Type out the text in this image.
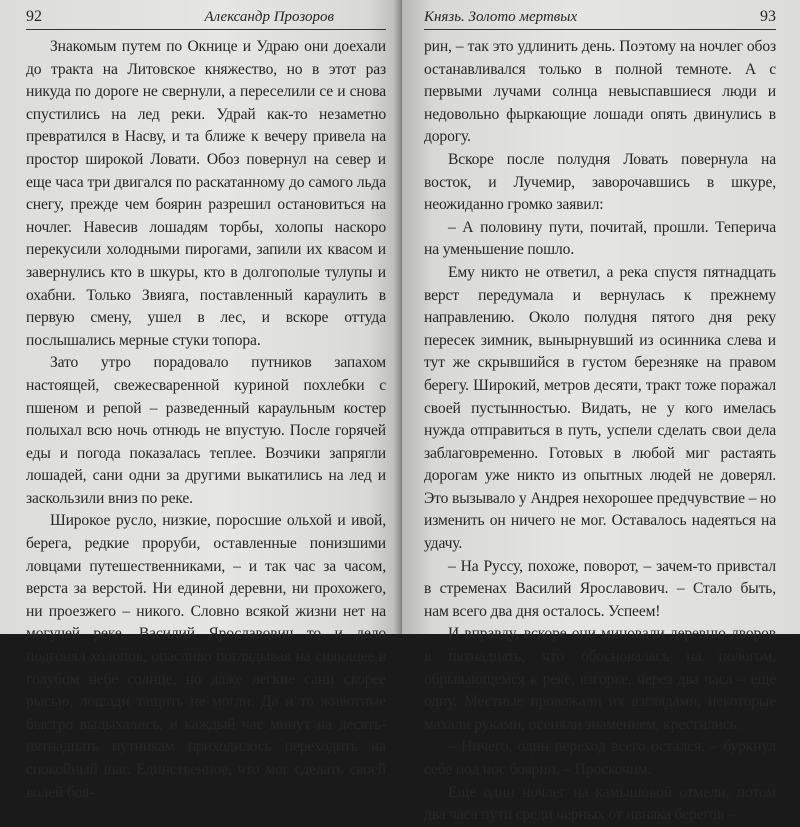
92	Александр Прозоров

Знакомым путем по Окнице и Удраю они доехали до тракта на Литовское княжество, но в этот раз никуда по дороге не свернули, а переселили се и снова спустились на лед реки. Удрай как-то незаметно превратился в Насву, и та ближе к вечеру привела на простор широкой Ловати. Обоз повернул на север и еще часа три двигался по раскатанному до самого льда снегу, прежде чем боярин разрешил остановиться на ночлег. Навесив лошадям торбы, холопы наскоро перекусили холодными пирогами, запили их квасом и завернулись кто в шкуры, кто в долгополые тулупы и охабни. Только Звияга, поставленный караулить в первую смену, ушел в лес, и вскоре оттуда послышались мерные стуки топора.

Зато утро порадовало путников запахом настоящей, свежесваренной куриной похлебки с пшеном и репой – разведенный караульным костер полыхал всю ночь отнюдь не впустую. После горячей еды и погода показалась теплее. Возчики запрягли лошадей, сани одни за другими выкатились на лед и заскользили вниз по реке.

Широкое русло, низкие, поросшие ольхой и ивой, берега, редкие проруби, оставленные понизшими ловцами путешественниками, – и так час за часом, верста за верстой. Ни единой деревни, ни прохожего, ни проезжего – никого. Словно всякой жизни нет на могучей реке. Василий Ярославович то и дело подгонял холопов, опасливо поглядывая на сияющее в голубом небе солнце, но даже легкие сани скорее рысью, лошади тащить не могли. Да и то животные быстро выдыхались, и каждый час минут на десять-пятнадцать путникам приходилось переходить на спокойный шаг. Единственное, что мог сделать своей волей боя-

Князь. Золото мертвых	93

рин, – так это удлинить день. Поэтому на ночлег обоз останавливался только в полной темноте. А с первыми лучами солнца невыспавшиеся люди и недовольно фыркающие лошади опять двинулись в дорогу.

Вскоре после полудня Ловать повернула на восток, и Лучемир, заворочавшись в шкуре, неожиданно громко заявил:

– А половину пути, почитай, прошли. Теперича на уменьшение пошло.

Ему никто не ответил, а река спустя пятнадцать верст передумала и вернулась к прежнему направлению. Около полудня пятого дня реку пересек зимник, вынырнувший из осинника слева и тут же скрывшийся в густом березняке на правом берегу. Широкий, метров десяти, тракт тоже поражал своей пустынностью. Видать, не у кого имелась нужда отправиться в путь, успели сделать свои дела заблаговременно. Готовых в любой миг растаять дорогам уже никто из опытных людей не доверял. Это вызывало у Андрея нехорошее предчувствие – но изменить он ничего не мог. Оставалось надеяться на удачу.

– На Руссу, похоже, поворот, – зачем-то привстал в стременах Василий Ярославович. – Стало быть, нам всего два дня осталось. Успеем!

И вправду, вскоре они миновали деревню дворов в пятнадцать, что обосновалась на пологом, обрывающемся к реке, взгорке, через два часа – еще одну. Местные провожали их взглядами, некоторые махали руками, осеняли знамением, крестились.

– Ничего, один переход всего остался, – буркнул себе под нос боярин. – Проскочим.

Еще один ночлег на камышовой отмели, потом два часа пути среди черных от ивняка берегов –
